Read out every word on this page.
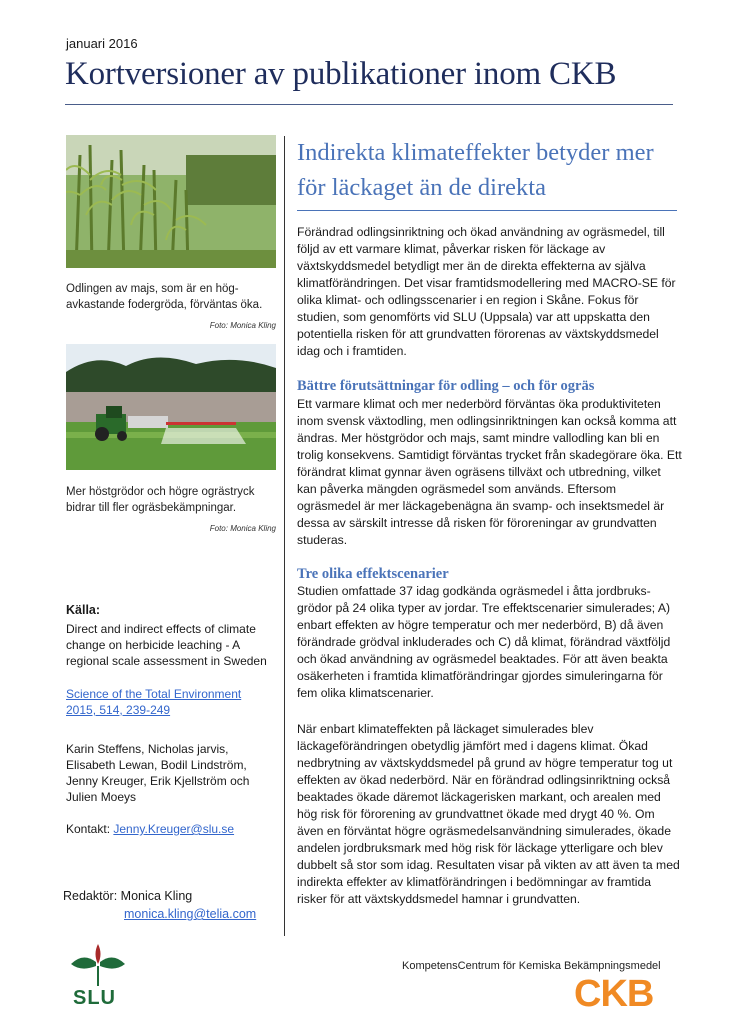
januari 2016
Kortversioner av publikationer inom CKB
Odlingen av majs, som är en hög-avkastande fodergröda, förväntas öka.
Foto: Monica Kling
Mer höstgrödor och högre ogrästryck bidrar till fler ogräsbekämpningar.
Foto: Monica Kling
Källa:
Direct and indirect effects of climate change on herbicide leaching - A regional scale assessment in Sweden
Science of the Total Environment
2015, 514, 239-249
Karin Steffens, Nicholas jarvis, Elisabeth Lewan, Bodil Lindström, Jenny Kreuger, Erik Kjellström och Julien Moeys
Kontakt: Jenny.Kreuger@slu.se
Redaktör: Monica Kling
monica.kling@telia.com
Indirekta klimateffekter betyder mer för läckaget än de direkta
Förändrad odlingsinriktning och ökad användning av ogräsmedel, till följd av ett varmare klimat, påverkar risken för läckage av växtskyddsmedel betydligt mer än de direkta effekterna av själva klimatförändringen. Det visar framtidsmodellering med MACRO-SE för olika klimat- och odlingsscenarier i en region i Skåne. Fokus för studien, som genomförts vid SLU (Uppsala) var att uppskatta den potentiella risken för att grundvatten förorenas av växtskyddsmedel idag och i framtiden.
Bättre förutsättningar för odling – och för ogräs
Ett varmare klimat och mer nederbörd förväntas öka produktiviteten inom svensk växtodling, men odlingsinriktningen kan också komma att ändras. Mer höstgrödor och majs, samt mindre vallodling kan bli en trolig konsekvens. Samtidigt förväntas trycket från skadegörare öka. Ett förändrat klimat gynnar även ogräsens tillväxt och utbredning, vilket kan påverka mängden ogräsmedel som används. Eftersom ogräsmedel är mer läckagebenägna än svamp- och insektsmedel är dessa av särskilt intresse då risken för föroreningar av grundvatten studeras.
Tre olika effektscenarier
Studien omfattade 37 idag godkända ogräsmedel i åtta jordbruks-grödor på 24 olika typer av jordar. Tre effektscenarier simulerades; A) enbart effekten av högre temperatur och mer nederbörd, B) då även förändrade grödval inkluderades och C) då klimat, förändrad växtföljd och ökad användning av ogräsmedel beaktades. För att även beakta osäkerheten i framtida klimatförändringar gjordes simuleringarna för fem olika klimatscenarier.
När enbart klimateffekten på läckaget simulerades blev läckageförändringen obetydlig jämfört med i dagens klimat. Ökad nedbrytning av växtskyddsmedel på grund av högre temperatur tog ut effekten av ökad nederbörd. När en förändrad odlingsinriktning också beaktades ökade däremot läckagerisken markant, och arealen med hög risk för förorening av grundvattnet ökade med drygt 40 %. Om även en förväntat högre ogräsmedelsanvändning simulerades, ökade andelen jordbruksmark med hög risk för läckage ytterligare och blev dubbelt så stor som idag. Resultaten visar på vikten av att även ta med indirekta effekter av klimatförändringen i bedömningar av framtida risker för att växtskyddsmedel hamnar i grundvatten.
SLU
KompetensCentrum för Kemiska Bekämpningsmedel
CKB
